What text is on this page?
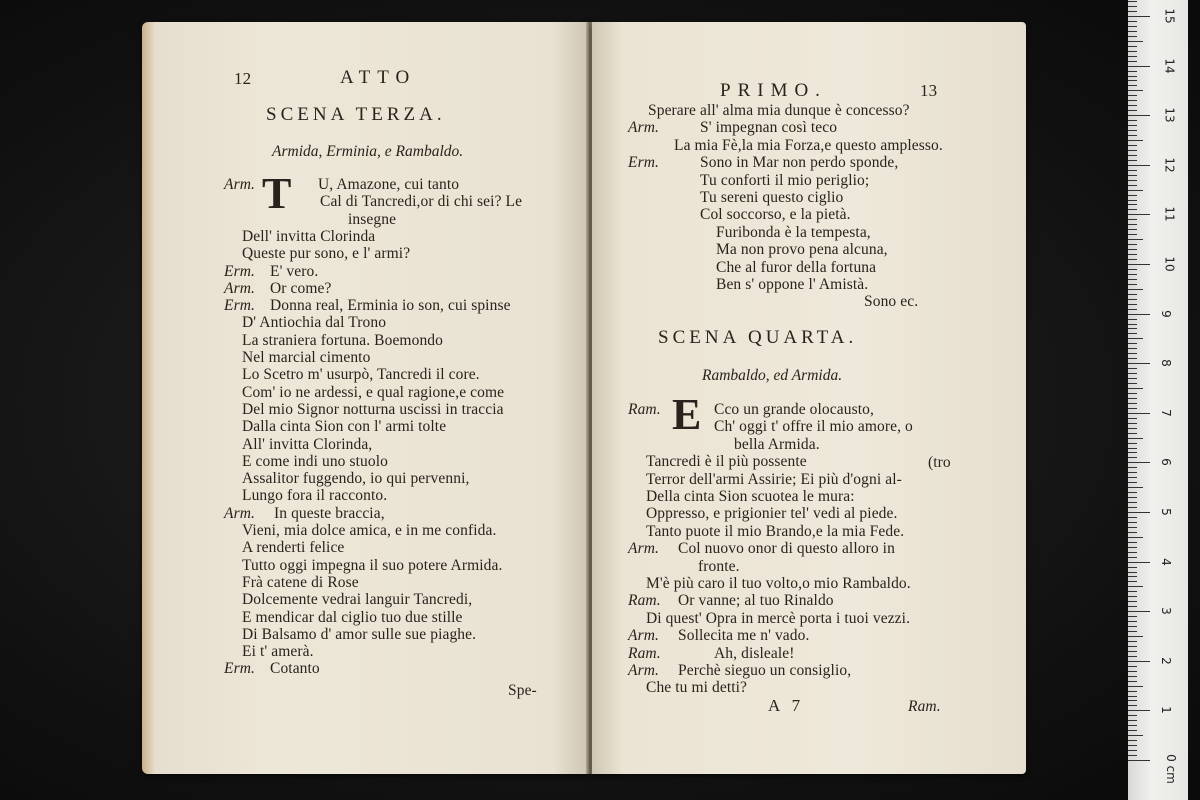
12	ATTO
SCENA TERZA.
Armida, Erminia, e Rambaldo.
T
Arm.	U, Amazone, cui tanto
Cal di Tancredi,or di chi sei? Le
insegne
Dell' invitta Clorinda
Queste pur sono, e l' armi?
Erm. E' vero.
Arm. Or come?
Erm. Donna real, Erminia io son, cui spinse
D' Antiochia dal Trono
La straniera fortuna. Boemondo
Nel marcial cimento
Lo Scetro m' usurpò, Tancredi il core.
Com' io ne ardessi, e qual ragione,e come
Del mio Signor notturna uscissi in traccia
Dalla cinta Sion con l' armi tolte
All' invitta Clorinda,
E come indi uno stuolo
Assalitor fuggendo, io qui pervenni,
Lungo fora il racconto.
Arm. In queste braccia,
Vieni, mia dolce amica, e in me confida.
A renderti felice
Tutto oggi impegna il suo potere Armida.
Frà catene di Rose
Dolcemente vedrai languir Tancredi,
E mendicar dal ciglio tuo due stille
Di Balsamo d' amor sulle sue piaghe.
Ei t' amerà.
Erm. Cotanto
Spe-
PRIMO.	13
Sperare all' alma mia dunque è concesso?
Arm.	S' impegnan così teco
La mia Fè,la mia Forza,e questo amplesso.
Erm.	Sono in Mar non perdo sponde,
Tu conforti il mio periglio;
Tu sereni questo ciglio
Col soccorso, e la pietà.
Furibonda è la tempesta,
Ma non provo pena alcuna,
Che al furor della fortuna
Ben s' oppone l' Amistà.
Sono ec.
SCENA QUARTA.
Rambaldo, ed Armida.
E
Ram.	Cco un grande olocausto,
Ch' oggi t' offre il mio amore, o
bella Armida.
Tancredi è il più possente
Terror dell'armi Assirie; Ei più d'ogni al-
Della cinta Sion scuotea le mura:
Oppresso, e prigionier tel' vedi al piede.
Tanto puote il mio Brando,e la mia Fede.
Arm. Col nuovo onor di questo alloro in
fronte.
M'è più caro il tuo volto,o mio Rambaldo.
Ram. Or vanne; al tuo Rinaldo
Di quest' Opra in mercè porta i tuoi vezzi.
Arm. Sollecita me n' vado.
Ram.	Ah, disleale!
Arm. Perchè sieguo un consiglio,
Che tu mi detti?
(tro
A 7	Ram.	1
2
3
4
5
6
7
8
9
10
11
12
13
14
15
0 cm
